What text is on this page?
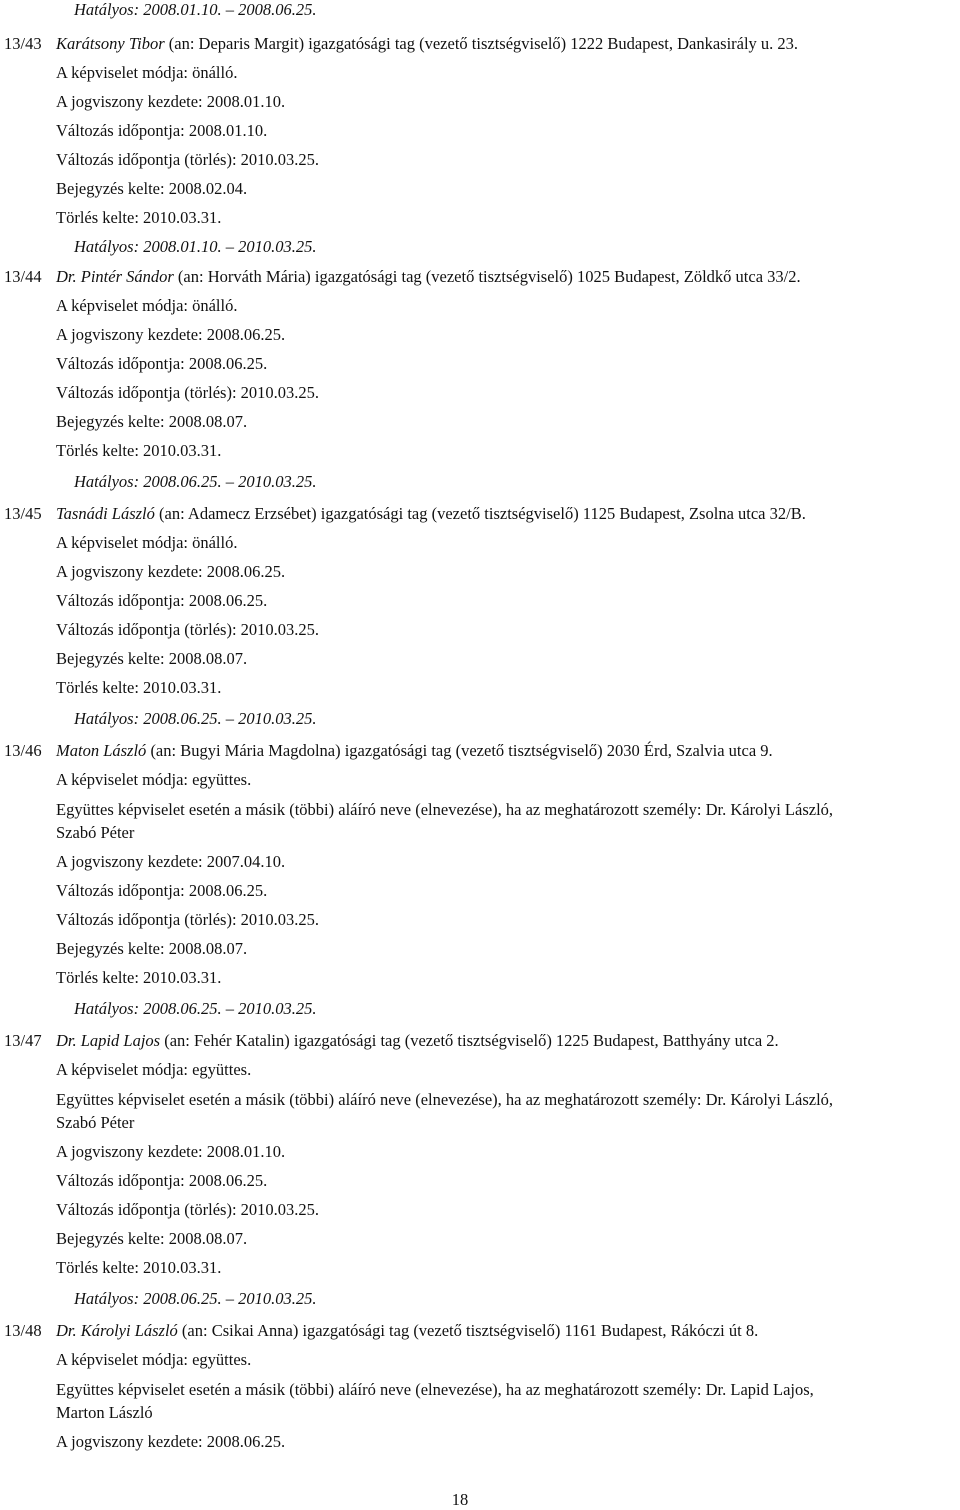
Hatályos: 2008.01.10. – 2008.06.25.
13/43 Karátsony Tibor (an: Deparis Margit) igazgatósági tag (vezető tisztségviselő) 1222 Budapest, Dankasirály u. 23.
A képviselet módja: önálló.
A jogviszony kezdete: 2008.01.10.
Változás időpontja: 2008.01.10.
Változás időpontja (törlés): 2010.03.25.
Bejegyzés kelte: 2008.02.04.
Törlés kelte: 2010.03.31.
Hatályos: 2008.01.10. – 2010.03.25.
13/44 Dr. Pintér Sándor (an: Horváth Mária) igazgatósági tag (vezető tisztségviselő) 1025 Budapest, Zöldkő utca 33/2.
A képviselet módja: önálló.
A jogviszony kezdete: 2008.06.25.
Változás időpontja: 2008.06.25.
Változás időpontja (törlés): 2010.03.25.
Bejegyzés kelte: 2008.08.07.
Törlés kelte: 2010.03.31.
Hatályos: 2008.06.25. – 2010.03.25.
13/45 Tasnádi László (an: Adamecz Erzsébet) igazgatósági tag (vezető tisztségviselő) 1125 Budapest, Zsolna utca 32/B.
A képviselet módja: önálló.
A jogviszony kezdete: 2008.06.25.
Változás időpontja: 2008.06.25.
Változás időpontja (törlés): 2010.03.25.
Bejegyzés kelte: 2008.08.07.
Törlés kelte: 2010.03.31.
Hatályos: 2008.06.25. – 2010.03.25.
13/46 Maton László (an: Bugyi Mária Magdolna) igazgatósági tag (vezető tisztségviselő) 2030 Érd, Szalvia utca 9.
A képviselet módja: együttes.
Együttes képviselet esetén a másik (többi) aláíró neve (elnevezése), ha az meghatározott személy: Dr. Károlyi László,
Szabó Péter
A jogviszony kezdete: 2007.04.10.
Változás időpontja: 2008.06.25.
Változás időpontja (törlés): 2010.03.25.
Bejegyzés kelte: 2008.08.07.
Törlés kelte: 2010.03.31.
Hatályos: 2008.06.25. – 2010.03.25.
13/47 Dr. Lapid Lajos (an: Fehér Katalin) igazgatósági tag (vezető tisztségviselő) 1225 Budapest, Batthyány utca 2.
A képviselet módja: együttes.
Együttes képviselet esetén a másik (többi) aláíró neve (elnevezése), ha az meghatározott személy: Dr. Károlyi László,
Szabó Péter
A jogviszony kezdete: 2008.01.10.
Változás időpontja: 2008.06.25.
Változás időpontja (törlés): 2010.03.25.
Bejegyzés kelte: 2008.08.07.
Törlés kelte: 2010.03.31.
Hatályos: 2008.06.25. – 2010.03.25.
13/48 Dr. Károlyi László (an: Csikai Anna) igazgatósági tag (vezető tisztségviselő) 1161 Budapest, Rákóczi út 8.
A képviselet módja: együttes.
Együttes képviselet esetén a másik (többi) aláíró neve (elnevezése), ha az meghatározott személy: Dr. Lapid Lajos,
Marton László
A jogviszony kezdete: 2008.06.25.
18
